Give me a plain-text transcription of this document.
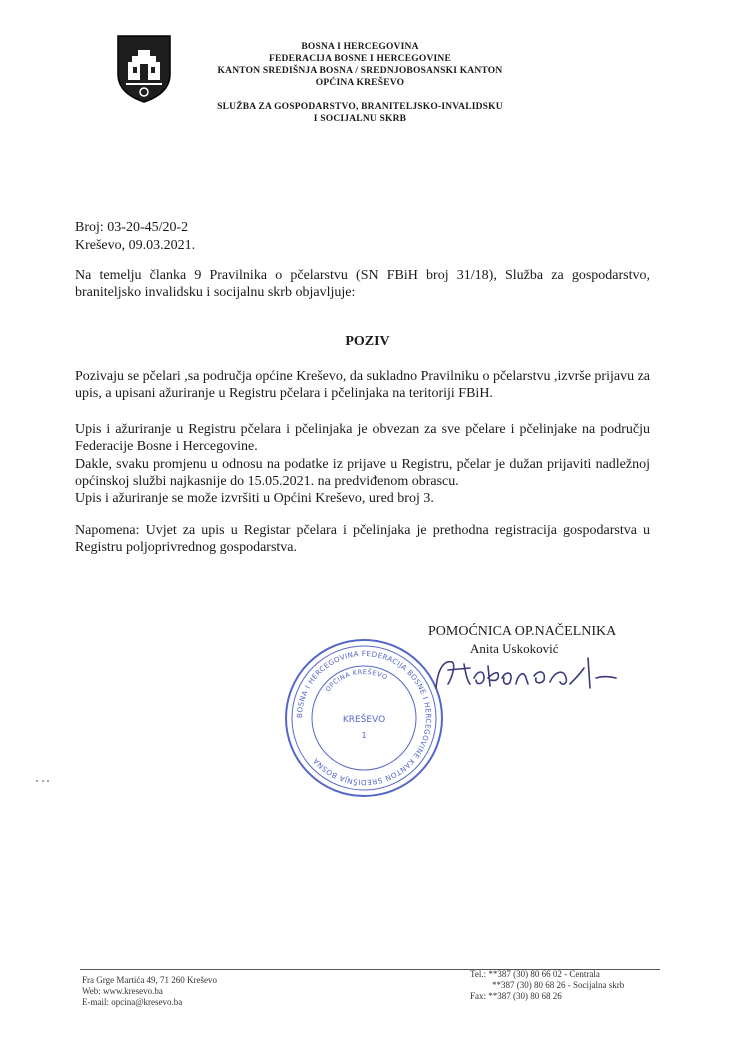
BOSNA I HERCEGOVINA
FEDERACIJA BOSNE I HERCEGOVINE
KANTON SREDIŠNJA BOSNA / SREDNJOBOSANSKI KANTON
OPĆINA KREŠEVO
SLUŽBA ZA GOSPODARSTVO, BRANITELJSKO-INVALIDSKU
I SOCIJALNU SKRB
Broj: 03-20-45/20-2
Kreševo, 09.03.2021.
Na temelju članka 9 Pravilnika o pčelarstvu (SN FBiH broj 31/18), Služba za gospodarstvo, braniteljsko invalidsku i socijalnu skrb objavljuje:
POZIV
Pozivaju se pčelari ,sa područja općine Kreševo, da sukladno Pravilniku o pčelarstvu ,izvrše prijavu za upis, a upisani ažuriranje u Registru pčelara i pčelinjaka na teritoriji FBiH.
Upis i ažuriranje u Registru pčelara i pčelinjaka je obvezan za sve pčelare i pčelinjake na području Federacije Bosne i Hercegovine.
Dakle, svaku promjenu u odnosu na podatke iz prijave u Registru, pčelar je dužan prijaviti nadležnoj općinskoj službi najkasnije do 15.05.2021. na predviđenom obrascu.
Upis i ažuriranje se može izvršiti u Općini Kreševo, ured broj 3.
Napomena: Uvjet za upis u Registar pčelara i pčelinjaka je prethodna registracija gospodarstva u Registru poljoprivrednog gospodarstva.
POMOĆNICA OP.NAČELNIKA
Anita Uskoković
BOSNA I HERCEGOVINA FEDERACIJA BOSNE I HERCEGOVINE KANTON SREDIŠNJA BOSNA
OPĆINA KREŠEVO
KREŠEVO
1
Fra Grge Martića 49, 71 260 Kreševo
Web: www.kresevo.ba
E-mail: opcina@kresevo.ba
Tel.: **387 (30) 80 66 02 - Centrala
**387 (30) 80 68 26 - Socijalna skrb
Fax: **387 (30) 80 68 26
